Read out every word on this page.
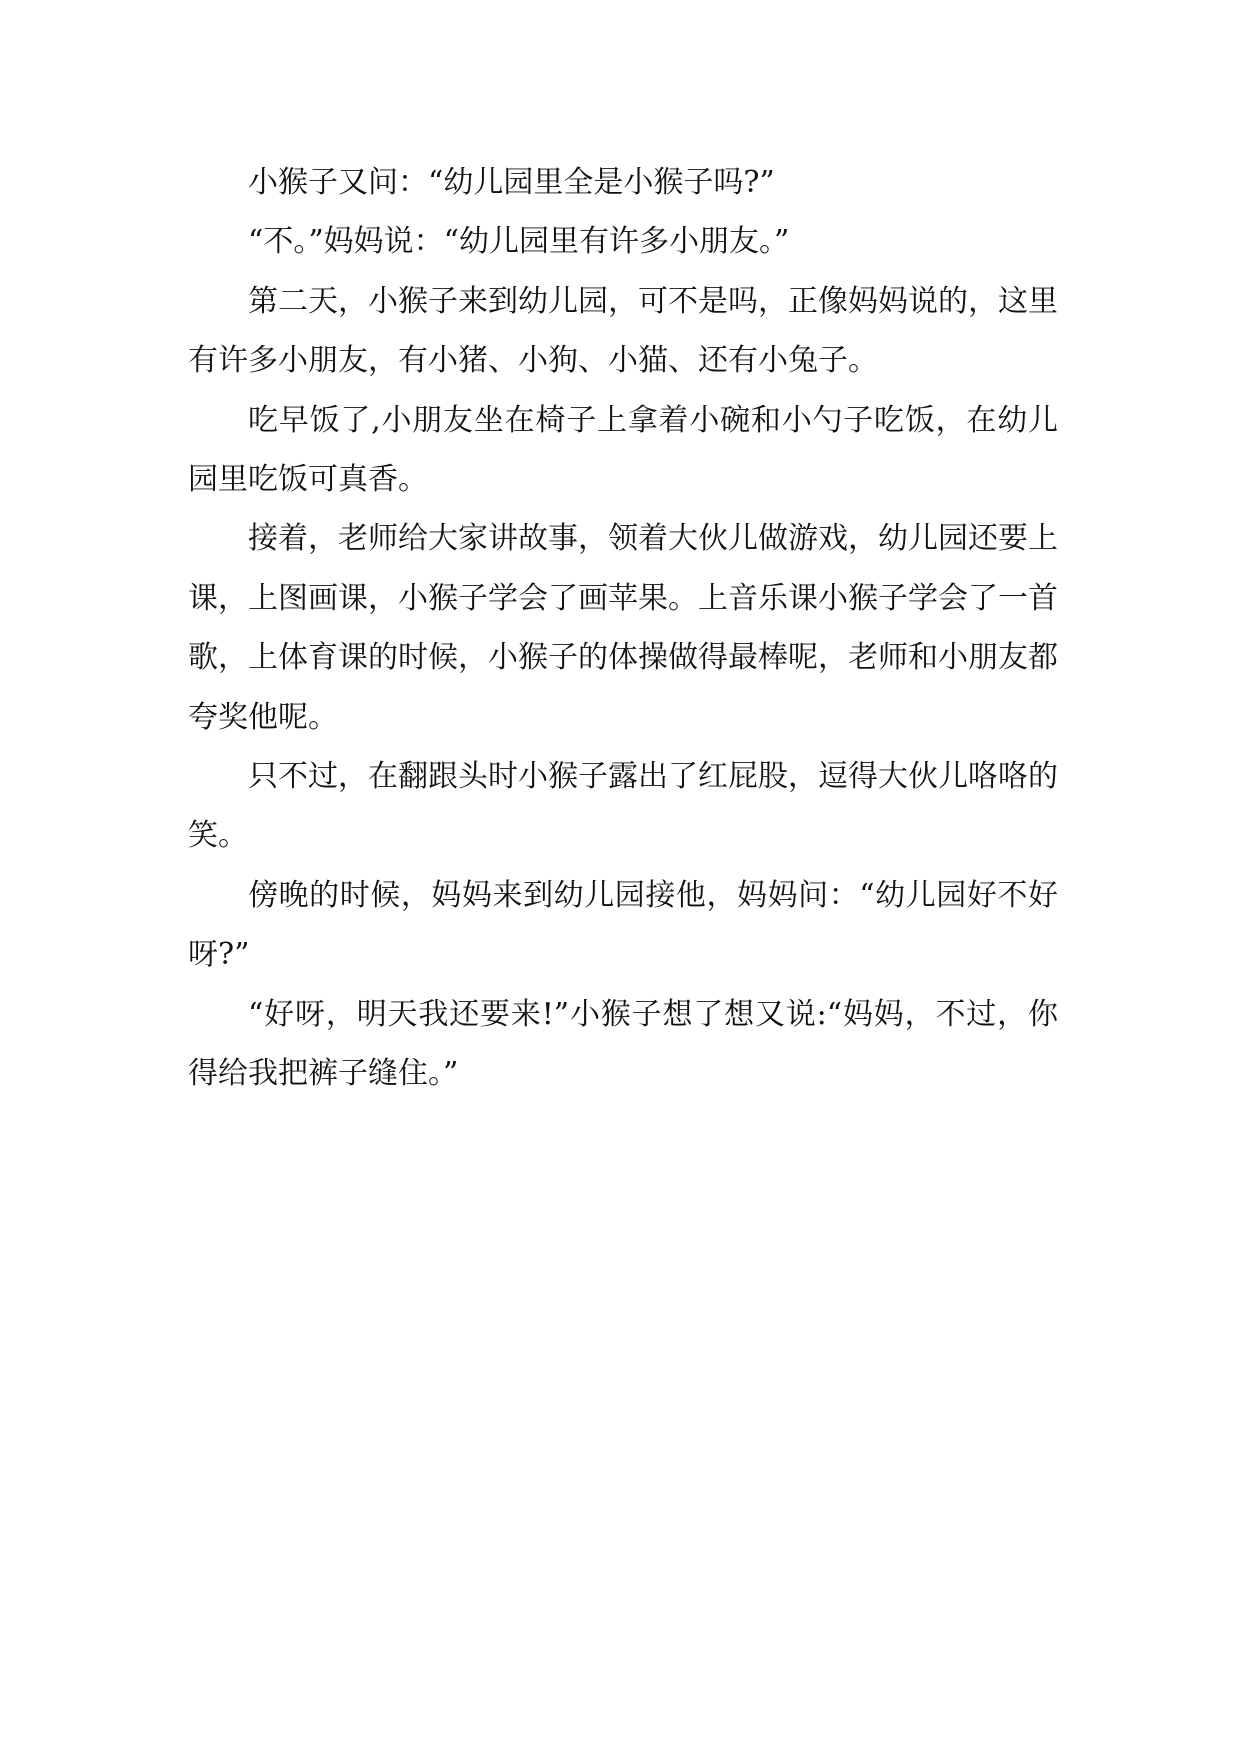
小猴子又问：“幼儿园里全是小猴子吗?”

“不。”妈妈说：“幼儿园里有许多小朋友。”

第二天，小猴子来到幼儿园，可不是吗，正像妈妈说的，这里有许多小朋友，有小猪、小狗、小猫、还有小兔子。

吃早饭了,小朋友坐在椅子上拿着小碗和小勺子吃饭，在幼儿园里吃饭可真香。

接着，老师给大家讲故事，领着大伙儿做游戏，幼儿园还要上课，上图画课，小猴子学会了画苹果。上音乐课小猴子学会了一首歌，上体育课的时候，小猴子的体操做得最棒呢，老师和小朋友都夸奖他呢。

只不过，在翻跟头时小猴子露出了红屁股，逗得大伙儿咯咯的笑。

傍晚的时候，妈妈来到幼儿园接他，妈妈问：“幼儿园好不好呀?”

“好呀，明天我还要来!”小猴子想了想又说:“妈妈，不过，你得给我把裤子缝住。”
